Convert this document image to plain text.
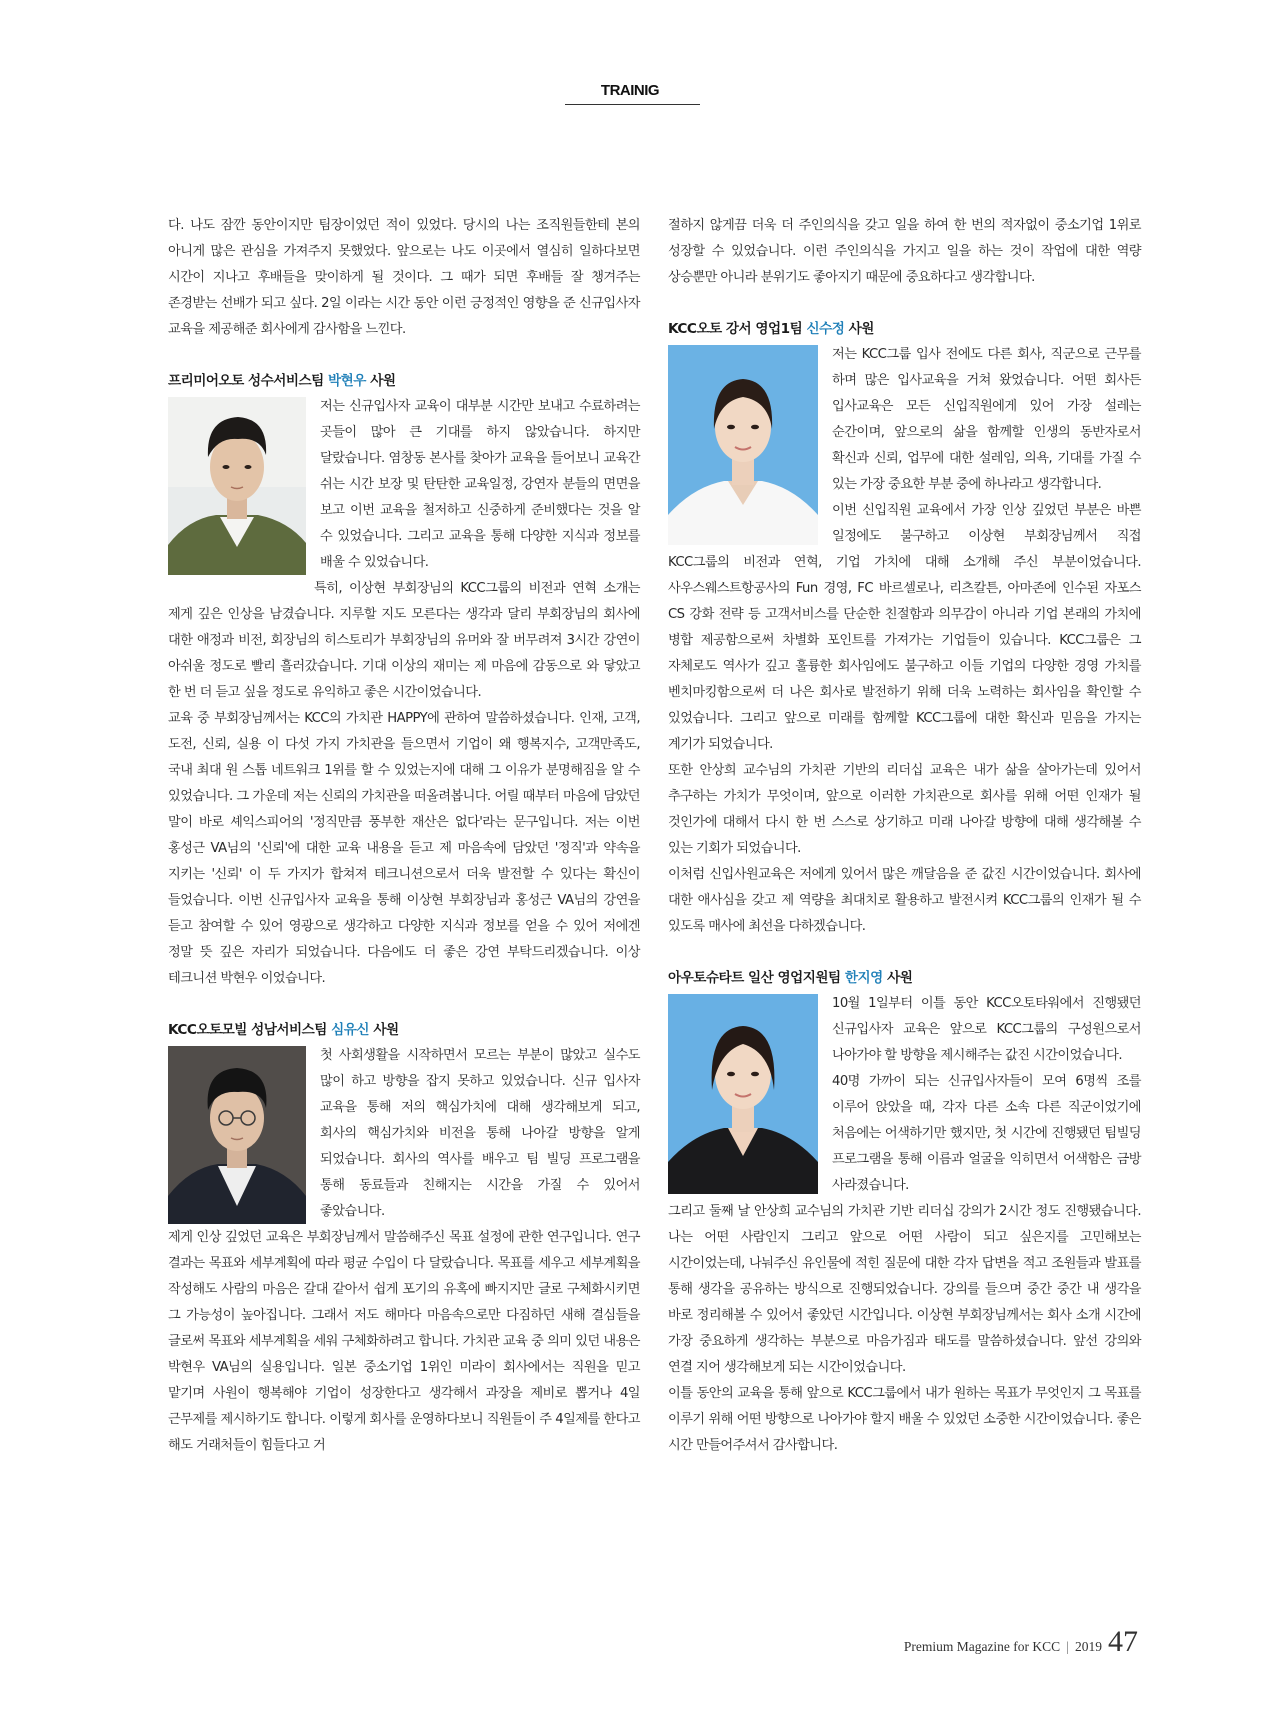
TRAINIG

다. 나도 잠깐 동안이지만 팀장이었던 적이 있었다. 당시의 나는 조직원들한테 본의 아니게 많은 관심을 가져주지 못했었다. 앞으로는 나도 이곳에서 열심히 일하다보면 시간이 지나고 후배들을 맞이하게 될 것이다. 그 때가 되면 후배들 잘 챙겨주는 존경받는 선배가 되고 싶다. 2일 이라는 시간 동안 이런 긍정적인 영향을 준 신규입사자 교육을 제공해준 회사에게 감사함을 느낀다.

프리미어오토 성수서비스팀 박현우 사원

저는 신규입사자 교육이 대부분 시간만 보내고 수료하려는 곳들이 많아 큰 기대를 하지 않았습니다. 하지만 달랐습니다. 염창동 본사를 찾아가 교육을 들어보니 교육간 쉬는 시간 보장 및 탄탄한 교육일정, 강연자 분들의 면면을 보고 이번 교육을 철저하고 신중하게 준비했다는 것을 알 수 있었습니다. 그리고 교육을 통해 다양한 지식과 정보를 배울 수 있었습니다.

특히, 이상현 부회장님의 KCC그룹의 비전과 연혁 소개는 제게 깊은 인상을 남겼습니다. 지루할 지도 모른다는 생각과 달리 부회장님의 회사에 대한 애정과 비전, 회장님의 히스토리가 부회장님의 유머와 잘 버무려져 3시간 강연이 아쉬울 정도로 빨리 흘러갔습니다. 기대 이상의 재미는 제 마음에 감동으로 와 닿았고 한 번 더 듣고 싶을 정도로 유익하고 좋은 시간이었습니다.

교육 중 부회장님께서는 KCC의 가치관 HAPPY에 관하여 말씀하셨습니다. 인재, 고객, 도전, 신뢰, 실용 이 다섯 가지 가치관을 들으면서 기업이 왜 행복지수, 고객만족도, 국내 최대 원 스톱 네트워크 1위를 할 수 있었는지에 대해 그 이유가 분명해짐을 알 수 있었습니다. 그 가운데 저는 신뢰의 가치관을 떠올려봅니다. 어릴 때부터 마음에 담았던 말이 바로 셰익스피어의 '정직만큼 풍부한 재산은 없다'라는 문구입니다. 저는 이번 홍성근 VA님의 '신뢰'에 대한 교육 내용을 듣고 제 마음속에 담았던 '정직'과 약속을 지키는 '신뢰' 이 두 가지가 합쳐져 테크니션으로서 더욱 발전할 수 있다는 확신이 들었습니다. 이번 신규입사자 교육을 통해 이상현 부회장님과 홍성근 VA님의 강연을 듣고 참여할 수 있어 영광으로 생각하고 다양한 지식과 정보를 얻을 수 있어 저에겐 정말 뜻 깊은 자리가 되었습니다. 다음에도 더 좋은 강연 부탁드리겠습니다. 이상 테크니션 박현우 이었습니다.

KCC오토모빌 성남서비스팀 심유신 사원

첫 사회생활을 시작하면서 모르는 부분이 많았고 실수도 많이 하고 방향을 잡지 못하고 있었습니다. 신규 입사자 교육을 통해 저의 핵심가치에 대해 생각해보게 되고, 회사의 핵심가치와 비전을 통해 나아갈 방향을 알게 되었습니다. 회사의 역사를 배우고 팀 빌딩 프로그램을 통해 동료들과 친해지는 시간을 가질 수 있어서 좋았습니다.

제게 인상 깊었던 교육은 부회장님께서 말씀해주신 목표 설정에 관한 연구입니다. 연구 결과는 목표와 세부계획에 따라 평균 수입이 다 달랐습니다. 목표를 세우고 세부계획을 작성해도 사람의 마음은 갈대 같아서 쉽게 포기의 유혹에 빠지지만 글로 구체화시키면 그 가능성이 높아집니다. 그래서 저도 해마다 마음속으로만 다짐하던 새해 결심들을 글로써 목표와 세부계획을 세워 구체화하려고 합니다. 가치관 교육 중 의미 있던 내용은 박현우 VA님의 실용입니다. 일본 중소기업 1위인 미라이 회사에서는 직원을 믿고 맡기며 사원이 행복해야 기업이 성장한다고 생각해서 과장을 제비로 뽑거나 4일 근무제를 제시하기도 합니다. 이렇게 회사를 운영하다보니 직원들이 주 4일제를 한다고 해도 거래처들이 힘들다고 거

절하지 않게끔 더욱 더 주인의식을 갖고 일을 하여 한 번의 적자없이 중소기업 1위로 성장할 수 있었습니다. 이런 주인의식을 가지고 일을 하는 것이 작업에 대한 역량 상승뿐만 아니라 분위기도 좋아지기 때문에 중요하다고 생각합니다.

KCC오토 강서 영업1팀 신수정 사원

저는 KCC그룹 입사 전에도 다른 회사, 직군으로 근무를 하며 많은 입사교육을 거쳐 왔었습니다. 어떤 회사든 입사교육은 모든 신입직원에게 있어 가장 설레는 순간이며, 앞으로의 삶을 함께할 인생의 동반자로서 확신과 신뢰, 업무에 대한 설레임, 의욕, 기대를 가질 수 있는 가장 중요한 부분 중에 하나라고 생각합니다.

이번 신입직원 교육에서 가장 인상 깊었던 부분은 바쁜 일정에도 불구하고 이상현 부회장님께서 직접 KCC그룹의 비전과 연혁, 기업 가치에 대해 소개해 주신 부분이었습니다. 사우스웨스트항공사의 Fun 경영, FC 바르셀로나, 리츠칼튼, 아마존에 인수된 자포스 CS 강화 전략 등 고객서비스를 단순한 친절함과 의무감이 아니라 기업 본래의 가치에 병합 제공함으로써 차별화 포인트를 가져가는 기업들이 있습니다. KCC그룹은 그 자체로도 역사가 깊고 훌륭한 회사임에도 불구하고 이들 기업의 다양한 경영 가치를 벤치마킹함으로써 더 나은 회사로 발전하기 위해 더욱 노력하는 회사임을 확인할 수 있었습니다. 그리고 앞으로 미래를 함께할 KCC그룹에 대한 확신과 믿음을 가지는 계기가 되었습니다.

또한 안상희 교수님의 가치관 기반의 리더십 교육은 내가 삶을 살아가는데 있어서 추구하는 가치가 무엇이며, 앞으로 이러한 가치관으로 회사를 위해 어떤 인재가 될 것인가에 대해서 다시 한 번 스스로 상기하고 미래 나아갈 방향에 대해 생각해볼 수 있는 기회가 되었습니다.

이처럼 신입사원교육은 저에게 있어서 많은 깨달음을 준 값진 시간이었습니다. 회사에 대한 애사심을 갖고 제 역량을 최대치로 활용하고 발전시켜 KCC그룹의 인재가 될 수 있도록 매사에 최선을 다하겠습니다.

아우토슈타트 일산 영업지원팀 한지영 사원

10월 1일부터 이틀 동안 KCC오토타워에서 진행됐던 신규입사자 교육은 앞으로 KCC그룹의 구성원으로서 나아가야 할 방향을 제시해주는 값진 시간이었습니다.

40명 가까이 되는 신규입사자들이 모여 6명씩 조를 이루어 앉았을 때, 각자 다른 소속 다른 직군이었기에 처음에는 어색하기만 했지만, 첫 시간에 진행됐던 팀빌딩 프로그램을 통해 이름과 얼굴을 익히면서 어색함은 금방 사라졌습니다.

그리고 둘째 날 안상희 교수님의 가치관 기반 리더십 강의가 2시간 정도 진행됐습니다. 나는 어떤 사람인지 그리고 앞으로 어떤 사람이 되고 싶은지를 고민해보는 시간이었는데, 나눠주신 유인물에 적힌 질문에 대한 각자 답변을 적고 조원들과 발표를 통해 생각을 공유하는 방식으로 진행되었습니다. 강의를 들으며 중간 중간 내 생각을 바로 정리해볼 수 있어서 좋았던 시간입니다. 이상현 부회장님께서는 회사 소개 시간에 가장 중요하게 생각하는 부분으로 마음가짐과 태도를 말씀하셨습니다. 앞선 강의와 연결 지어 생각해보게 되는 시간이었습니다.

이틀 동안의 교육을 통해 앞으로 KCC그룹에서 내가 원하는 목표가 무엇인지 그 목표를 이루기 위해 어떤 방향으로 나아가야 할지 배울 수 있었던 소중한 시간이었습니다. 좋은 시간 만들어주셔서 감사합니다.

Premium Magazine for KCC | 2019 47
